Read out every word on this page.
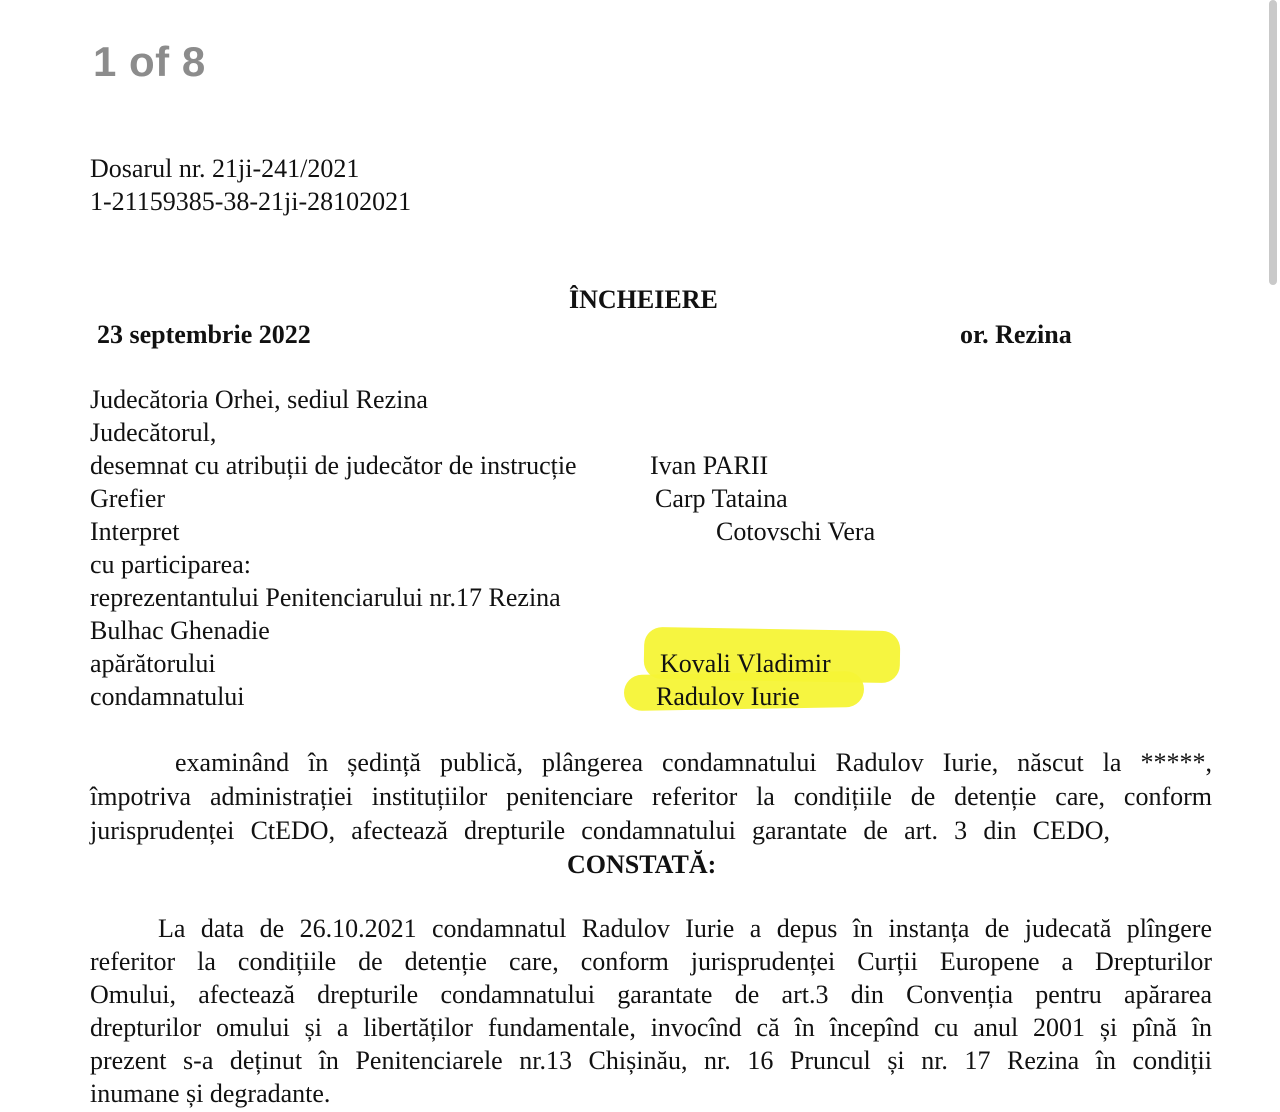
1 of 8
Dosarul nr. 21ji-241/2021
1-21159385-38-21ji-28102021
ÎNCHEIERE
23 septembrie 2022	or. Rezina
Judecătoria Orhei, sediul Rezina
Judecătorul,
desemnat cu atribuții de judecător de instrucție	Ivan PARII
Grefier	Carp Tataina
Interpret	Cotovschi Vera
cu participarea:
reprezentantului Penitenciarului nr.17 Rezina
Bulhac Ghenadie
apărătorului	Kovali Vladimir
condamnatului	Radulov Iurie
examinând în ședință publică, plângerea condamnatului Radulov Iurie, născut la *****,
împotriva administrației instituțiilor penitenciare referitor la condițiile de detenție care, conform
jurisprudenței CtEDO, afectează drepturile condamnatului garantate de art. 3 din CEDO,
CONSTATĂ:
La data de 26.10.2021 condamnatul Radulov Iurie a depus în instanța de judecată plîngere
referitor la condițiile de detenție care, conform jurisprudenței Curții Europene a Drepturilor
Omului, afectează drepturile condamnatului garantate de art.3 din Convenția pentru apărarea
drepturilor omului și a libertăților fundamentale, invocînd că în începînd cu anul 2001 și pînă în
prezent s-a deținut în Penitenciarele nr.13 Chișinău, nr. 16 Pruncul și nr. 17 Rezina în condiții
inumane și degradante.
